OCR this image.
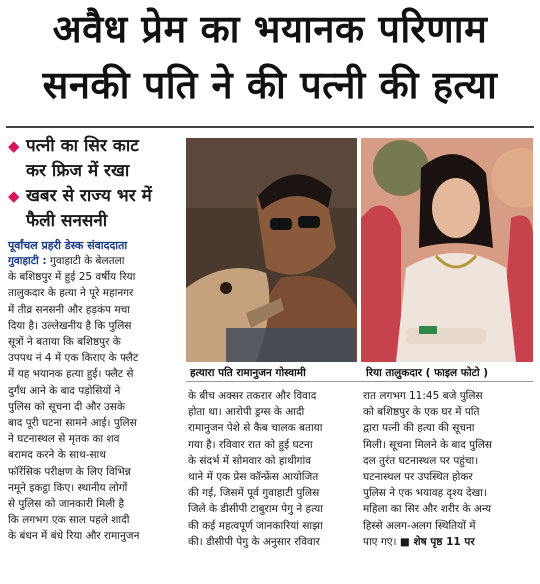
अवैध प्रेम का भयानक परिणाम
सनकी पति ने की पत्नी की हत्या
◆ पत्नी का सिर काट
कर फ्रिज में रखा
◆ खबर से राज्य भर में
फैली सनसनी
पूर्वांचल प्रहरी डेस्क संवाददाता
गुवाहाटी : गुवाहाटी के बेलतला
के बशिष्ठपुर में हुई 25 वर्षीय रिया
तालुकदार के हत्या ने पूरे महानगर
में तीव्र सनसनी और हड़कंप मचा
दिया है। उल्लेखनीय है कि पुलिस
सूत्रों ने बताया कि बशिष्ठपुर के
उपपथ नं 4 में एक किराए के फ्लैट
में यह भयानक हत्या हुई। फ्लैट से
दुर्गंध आने के बाद पड़ोसियों ने
पुलिस को सूचना दी और उसके
बाद पूरी घटना सामने आई। पुलिस
ने घटनास्थल से मृतक का शव
बरामद करने के साथ-साथ
फॉरेंसिक परीक्षण के लिए विभिन्न
नमूने इकट्ठा किए। स्थानीय लोगों
से पुलिस को जानकारी मिली है
कि लगभग एक साल पहले शादी
के बंधन में बंधे रिया और रामानुजन
हत्यारा पति रामानुजन गोस्वामी	रिया तालुकदार ( फाइल फोटो )
के बीच अक्सर तकरार और विवाद
होता था। आरोपी ड्रग्स के आदी
रामानुजन पेशे से कैब चालक बताया
गया है। रविवार रात को हुई घटना
के संदर्भ में सोमवार को हाथीगांव
थाने में एक प्रेस कॉन्फ्रेंस आयोजित
की गई, जिसमें पूर्व गुवाहाटी पुलिस
जिले के डीसीपी टाबुराम पेगु ने हत्या
की कई महत्वपूर्ण जानकारियां साझा
की। डीसीपी पेगु के अनुसार रविवार
रात लगभग 11:45 बजे पुलिस
को बशिष्ठपुर के एक घर में पति
द्वारा पत्नी की हत्या की सूचना
मिली। सूचना मिलने के बाद पुलिस
दल तुरंत घटनास्थल पर पहुंचा।
घटनास्थल पर उपस्थित होकर
पुलिस ने एक भयावह दृश्य देखा।
महिला का सिर और शरीर के अन्य
हिस्से अलग-अलग स्थितियों में
पाए गए। ■ शेष पृष्ठ 11 पर
